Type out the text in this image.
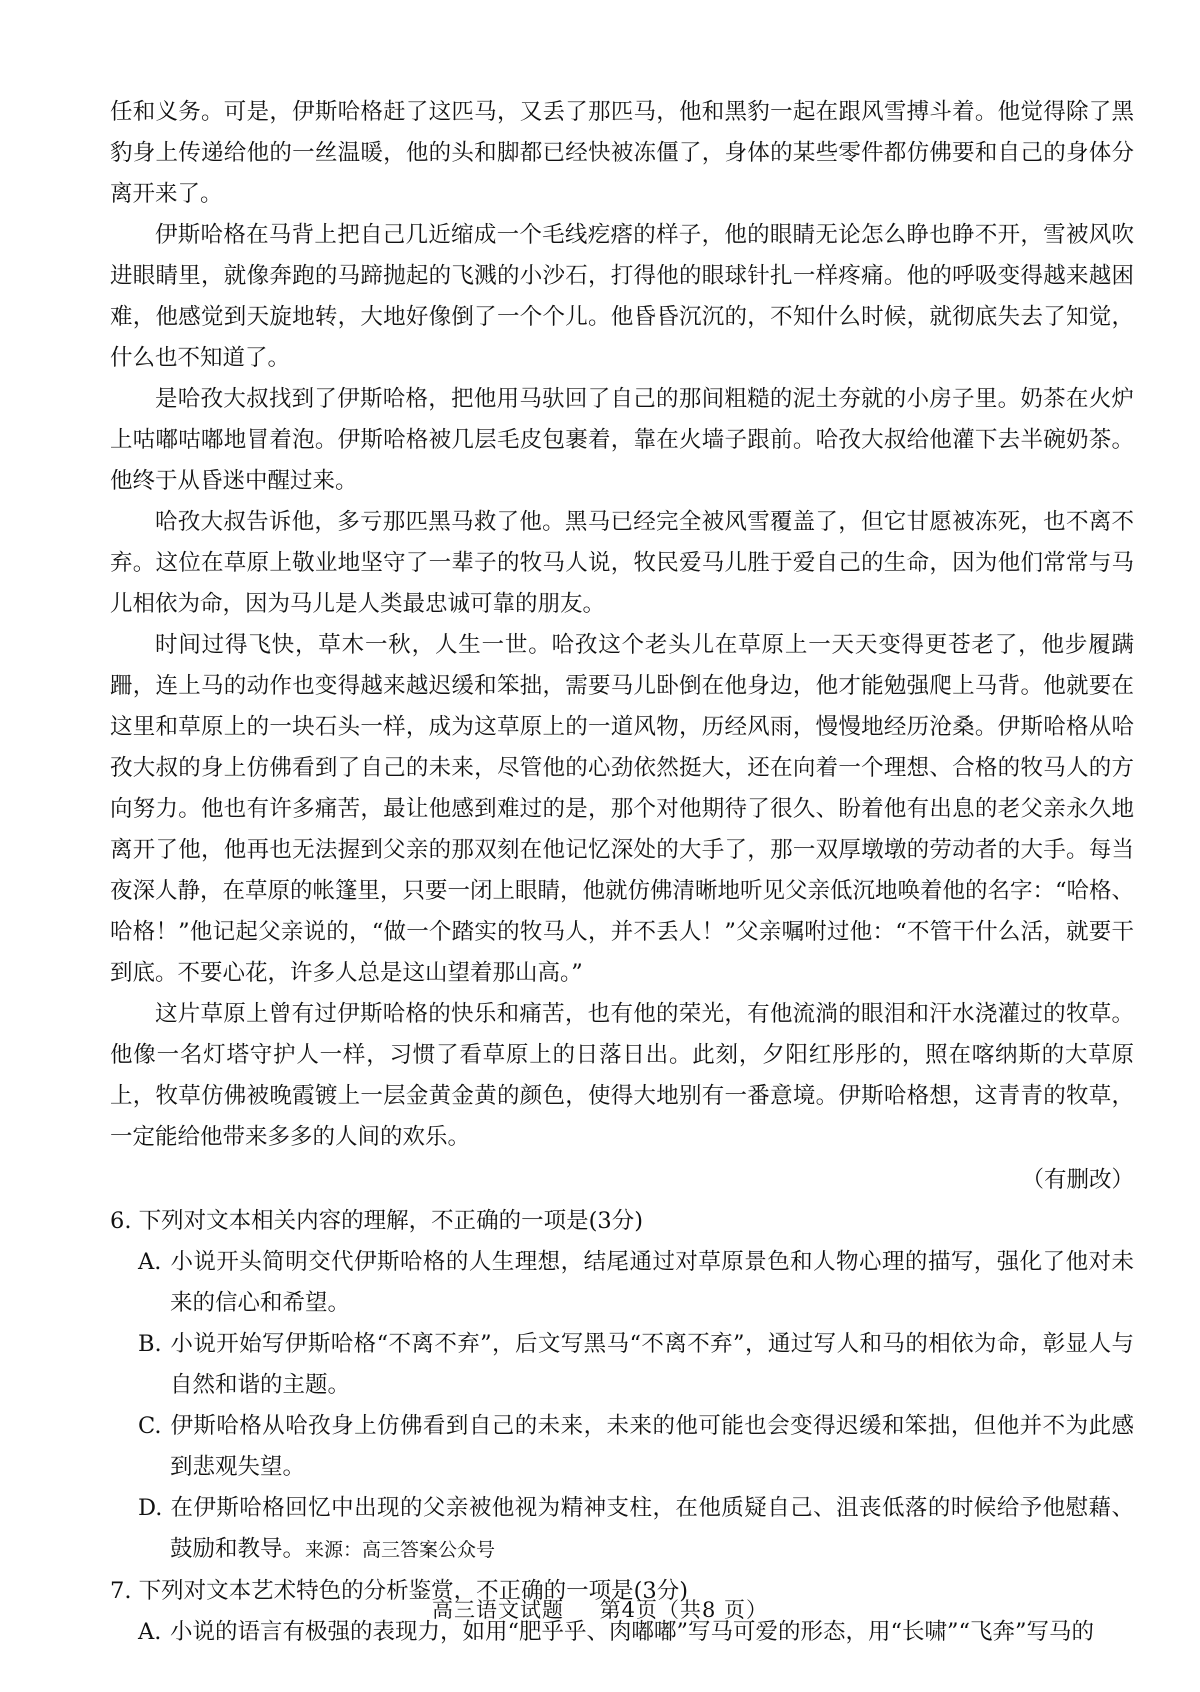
任和义务。可是，伊斯哈格赶了这匹马，又丢了那匹马，他和黑豹一起在跟风雪搏斗着。他觉得除了黑豹身上传递给他的一丝温暖，他的头和脚都已经快被冻僵了，身体的某些零件都仿佛要和自己的身体分离开来了。

伊斯哈格在马背上把自己几近缩成一个毛线疙瘩的样子，他的眼睛无论怎么睁也睁不开，雪被风吹进眼睛里，就像奔跑的马蹄抛起的飞溅的小沙石，打得他的眼球针扎一样疼痛。他的呼吸变得越来越困难，他感觉到天旋地转，大地好像倒了一个个儿。他昏昏沉沉的，不知什么时候，就彻底失去了知觉，什么也不知道了。

是哈孜大叔找到了伊斯哈格，把他用马驮回了自己的那间粗糙的泥土夯就的小房子里。奶茶在火炉上咕嘟咕嘟地冒着泡。伊斯哈格被几层毛皮包裹着，靠在火墙子跟前。哈孜大叔给他灌下去半碗奶茶。他终于从昏迷中醒过来。

哈孜大叔告诉他，多亏那匹黑马救了他。黑马已经完全被风雪覆盖了，但它甘愿被冻死，也不离不弃。这位在草原上敬业地坚守了一辈子的牧马人说，牧民爱马儿胜于爱自己的生命，因为他们常常与马儿相依为命，因为马儿是人类最忠诚可靠的朋友。

时间过得飞快，草木一秋，人生一世。哈孜这个老头儿在草原上一天天变得更苍老了，他步履蹒跚，连上马的动作也变得越来越迟缓和笨拙，需要马儿卧倒在他身边，他才能勉强爬上马背。他就要在这里和草原上的一块石头一样，成为这草原上的一道风物，历经风雨，慢慢地经历沧桑。伊斯哈格从哈孜大叔的身上仿佛看到了自己的未来，尽管他的心劲依然挺大，还在向着一个理想、合格的牧马人的方向努力。他也有许多痛苦，最让他感到难过的是，那个对他期待了很久、盼着他有出息的老父亲永久地离开了他，他再也无法握到父亲的那双刻在他记忆深处的大手了，那一双厚墩墩的劳动者的大手。每当夜深人静，在草原的帐篷里，只要一闭上眼睛，他就仿佛清晰地听见父亲低沉地唤着他的名字：“哈格、哈格！”他记起父亲说的，“做一个踏实的牧马人，并不丢人！”父亲嘱咐过他：“不管干什么活，就要干到底。不要心花，许多人总是这山望着那山高。”

这片草原上曾有过伊斯哈格的快乐和痛苦，也有他的荣光，有他流淌的眼泪和汗水浇灌过的牧草。他像一名灯塔守护人一样，习惯了看草原上的日落日出。此刻，夕阳红彤彤的，照在喀纳斯的大草原上，牧草仿佛被晚霞镀上一层金黄金黄的颜色，使得大地别有一番意境。伊斯哈格想，这青青的牧草，一定能给他带来多多的人间的欢乐。

（有删改）

6. 下列对文本相关内容的理解，不正确的一项是(3分)

A. 小说开头简明交代伊斯哈格的人生理想，结尾通过对草原景色和人物心理的描写，强化了他对未来的信心和希望。

B. 小说开始写伊斯哈格“不离不弃”，后文写黑马“不离不弃”，通过写人和马的相依为命，彰显人与自然和谐的主题。

C. 伊斯哈格从哈孜身上仿佛看到自己的未来，未来的他可能也会变得迟缓和笨拙，但他并不为此感到悲观失望。

D. 在伊斯哈格回忆中出现的父亲被他视为精神支柱，在他质疑自己、沮丧低落的时候给予他慰藉、鼓励和教导。来源：高三答案公众号

7. 下列对文本艺术特色的分析鉴赏，不正确的一项是(3分)

A. 小说的语言有极强的表现力，如用“肥乎乎、肉嘟嘟”写马可爱的形态，用“长啸”“飞奔”写马的

高三语文试题 第4页（共8 页）
